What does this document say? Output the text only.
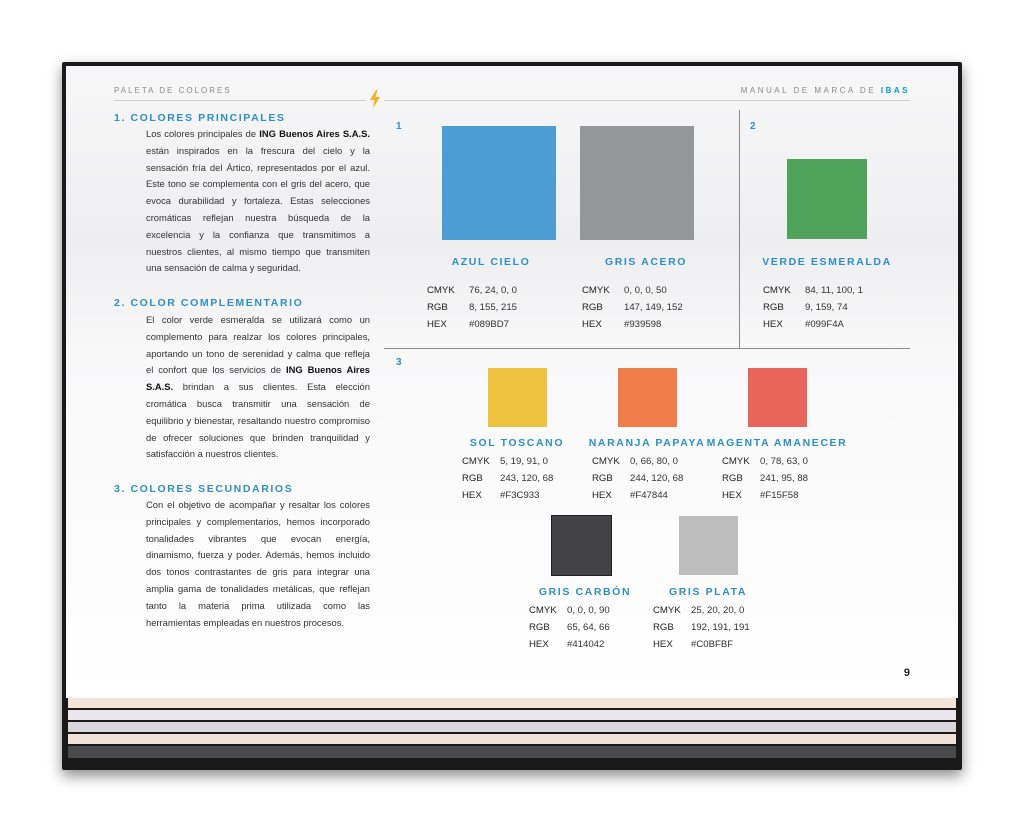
PALETA DE COLORES	MANUAL DE MARCA DE IBAS
1. COLORES PRINCIPALES

Los colores principales de ING Buenos Aires S.A.S. están inspirados en la frescura del cielo y la sensación fría del Ártico, representados por el azul. Este tono se complementa con el gris del acero, que evoca durabilidad y fortaleza. Estas selecciones cromáticas reflejan nuestra búsqueda de la excelencia y la confianza que transmitimos a nuestros clientes, al mismo tiempo que transmiten una sensación de calma y seguridad.

2. COLOR COMPLEMENTARIO

El color verde esmeralda se utilizará como un complemento para realzar los colores principales, aportando un tono de serenidad y calma que refleja el confort que los servicios de ING Buenos Aires S.A.S. brindan a sus clientes. Esta elección cromática busca transmitir una sensación de equilibrio y bienestar, resaltando nuestro compromiso de ofrecer soluciones que brinden tranquilidad y satisfacción a nuestros clientes.

3. COLORES SECUNDARIOS

Con el objetivo de acompañar y resaltar los colores principales y complementarios, hemos incorporado tonalidades vibrantes que evocan energía, dinamismo, fuerza y poder. Además, hemos incluido dos tonos contrastantes de gris para integrar una amplia gama de tonalidades metálicas, que reflejan tanto la materia prima utilizada como las herramientas empleadas en nuestros procesos.

1	2
3
AZUL CIELO
CMYK 76, 24, 0, 0
RGB 8, 155, 215
HEX #089BD7
GRIS ACERO
CMYK 0, 0, 0, 50
RGB 147, 149, 152
HEX #939598
VERDE ESMERALDA
CMYK 84, 11, 100, 1
RGB 9, 159, 74
HEX #099F4A
SOL TOSCANO
CMYK 5, 19, 91, 0
RGB 243, 120, 68
HEX #F3C933
NARANJA PAPAYA
CMYK 0, 66, 80, 0
RGB 244, 120, 68
HEX #F47844
MAGENTA AMANECER
CMYK 0, 78, 63, 0
RGB 241, 95, 88
HEX #F15F58
GRIS CARBÓN
CMYK 0, 0, 0, 90
RGB 65, 64, 66
HEX #414042
GRIS PLATA
CMYK 25, 20, 20, 0
RGB 192, 191, 191
HEX #C0BFBF
9
